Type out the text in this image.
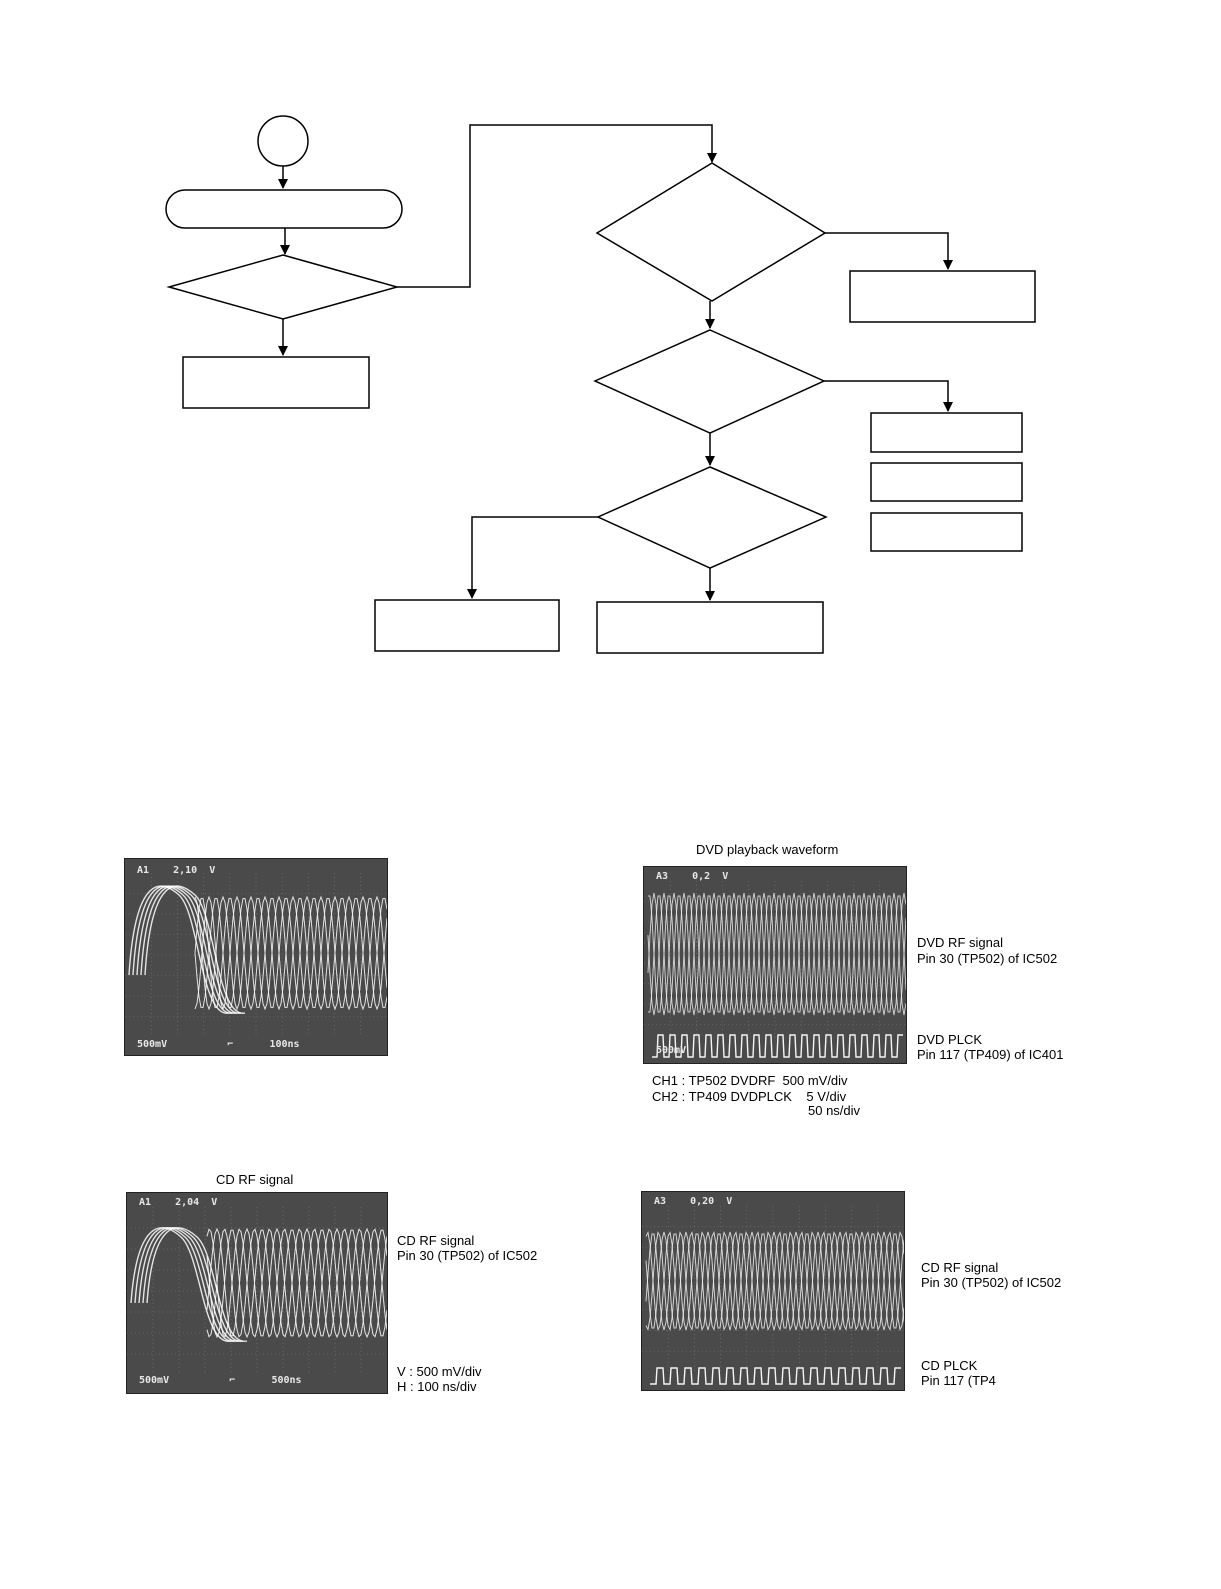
DVD playback waveform
CD RF signal
A1    2,10  V
500mV          ⌐      100ns
A3    0,2  V
500mV
DVD RF signal
Pin 30 (TP502) of IC502
DVD PLCK
Pin 117 (TP409) of IC401
CH1 : TP502 DVDRF  500 mV/div
CH2 : TP409 DVDPLCK    5 V/div
50 ns/div
A1    2,04  V
500mV          ⌐      500ns
CD RF signal
Pin 30 (TP502) of IC502
V : 500 mV/div
H : 100 ns/div
A3    0,20  V
CD RF signal
Pin 30 (TP502) of IC502
CD PLCK
Pin 117 (TP4
